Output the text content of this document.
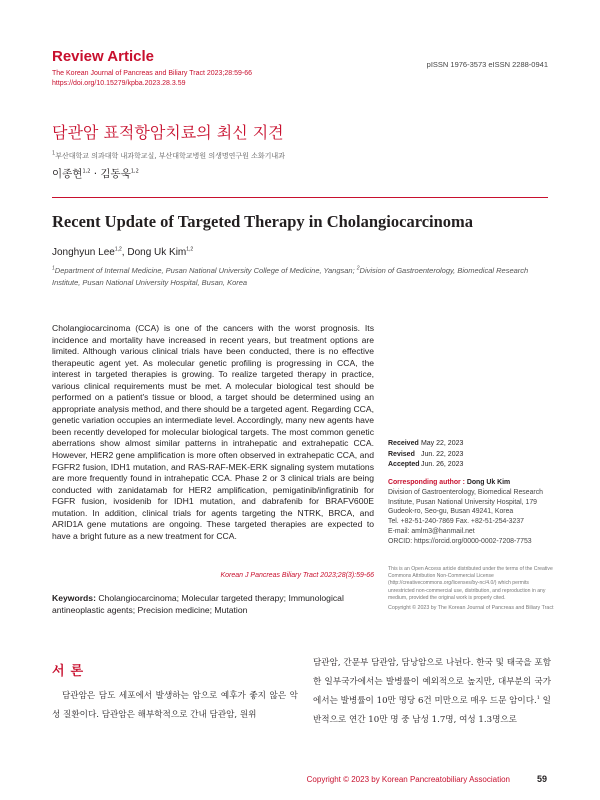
Review Article
The Korean Journal of Pancreas and Biliary Tract 2023;28:59-66
https://doi.org/10.15279/kpba.2023.28.3.59
pISSN 1976-3573 eISSN 2288-0941
담관암 표적항암치료의 최신 지견
$^1$부산대학교 의과대학 내과학교실, 부산대학교병원 의생명연구원 소화기내과
이종현$^{1,2}$ · 김동욱$^{1,2}$
Recent Update of Targeted Therapy in Cholangiocarcinoma
Jonghyun Lee$^{1,2}$, Dong Uk Kim$^{1,2}$
$^1$Department of Internal Medicine, Pusan National University College of Medicine, Yangsan; $^2$Division of Gastroenterology, Biomedical Research Institute, Pusan National University Hospital, Busan, Korea
Cholangiocarcinoma (CCA) is one of the cancers with the worst prognosis. Its incidence and mortality have increased in recent years, but treatment options are limited. Although various clinical trials have been conducted, there is no effective therapeutic agent yet. As molecular genetic profiling is progressing in CCA, the interest in targeted therapies is growing. To realize targeted therapy in practice, various clinical requirements must be met. A molecular biological test should be performed on a patient's tissue or blood, a target should be determined using an appropriate analysis method, and there should be a targeted agent. Regarding CCA, genetic variation occupies an intermediate level. Accordingly, many new agents have been recently developed for molecular biological targets. The most common genetic aberrations show almost similar patterns in intrahepatic and extrahepatic CCA. However, HER2 gene amplification is more often observed in extrahepatic CCA, and FGFR2 fusion, IDH1 mutation, and RAS-RAF-MEK-ERK signaling system mutations are more frequently found in intrahepatic CCA. Phase 2 or 3 clinical trials are being conducted with zanidatamab for HER2 amplification, pemigatinib/infigratinib for FGFR fusion, ivosidenib for IDH1 mutation, and dabrafenib for BRAFV600E mutation. In addition, clinical trials for agents targeting the NTRK, BRCA, and ARID1A gene mutations are ongoing. These targeted therapies are expected to have a bright future as a new treatment for CCA.
Korean J Pancreas Biliary Tract 2023;28(3):59-66
Keywords: Cholangiocarcinoma; Molecular targeted therapy; Immunological antineoplastic agents; Precision medicine; Mutation
Received May 22, 2023
Revised Jun. 22, 2023
Accepted Jun. 26, 2023
Corresponding author : Dong Uk Kim
Division of Gastroenterology, Biomedical Research
Institute, Pusan National University Hospital, 179
Gudeok-ro, Seo-gu, Busan 49241, Korea
Tel. +82-51-240-7869 Fax. +82-51-254-3237
E-mail: amlm3@hanmail.net
ORCID: https://orcid.org/0000-0002-7208-7753
This is an Open Access article distributed under the terms of the Creative Commons Attribution Non-Commercial License (http://creativecommons.org/licenses/by-nc/4.0/) which permits unrestricted non-commercial use, distribution, and reproduction in any medium, provided the original work is properly cited.
Copyright © 2023 by The Korean Journal of Pancreas and Biliary Tract
서론
담관암은 담도 세포에서 발생하는 암으로 예후가 좋지 않은 악성 질환이다. 담관암은 해부학적으로 간내 담관암, 원위
담관암, 간문부 담관암, 담낭암으로 나뉜다. 한국 및 태국을 포함한 일부국가에서는 발병률이 예외적으로 높지만, 대부분의 국가에서는 발병률이 10만 명당 6건 미만으로 매우 드문 암이다.$^1$ 일반적으로 연간 10만 명 중 남성 1.7명, 여성 1.3명으로
Copyright © 2023 by Korean Pancreatobiliary Association	59
